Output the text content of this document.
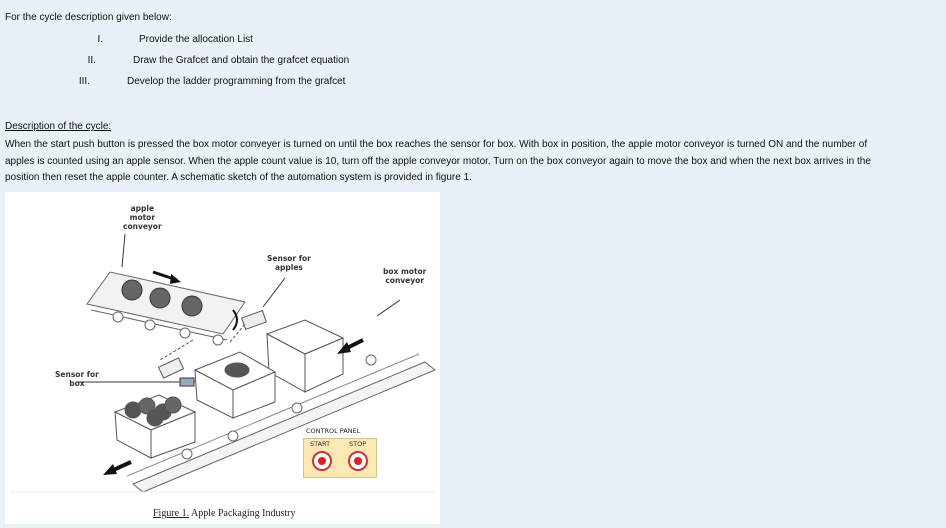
For the cycle description given below:
I.	Provide the allocation List
II.	Draw the Grafcet and obtain the grafcet equation
III.	Develop the ladder programming from the grafcet
Description of the cycle:
When the start push button is pressed the box motor conveyer is turned on until the box reaches the sensor for box. With box in position, the apple motor conveyor is turned ON and the number of
apples is counted using an apple sensor. When the apple count value is 10, turn off the apple conveyor motor. Turn on the box conveyor again to move the box and when the next box arrives in the
position then reset the apple counter. A schematic sketch of the automation system is provided in figure 1.
apple
motor
conveyor
Sensor for
apples	box motor
conveyor
Sensor for
box
CONTROL PANEL
START	STOP
Figure 1. Apple Packaging Industry
